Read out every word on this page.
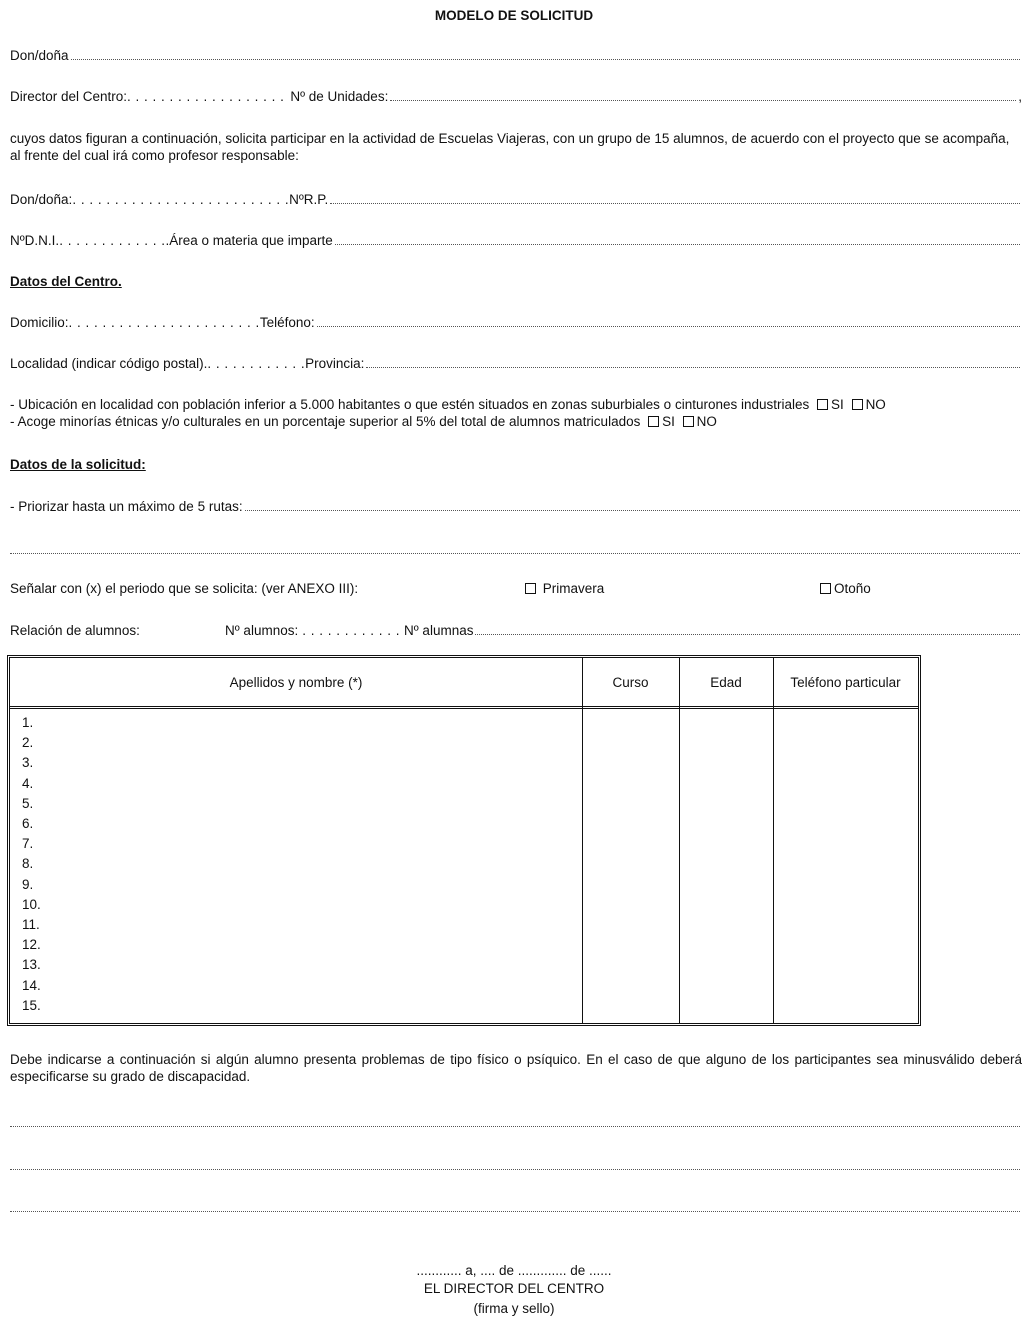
MODELO DE SOLICITUD
Don/doña
Director del Centro: . . . . . . . . . . . . . . . . . . . Nº de Unidades:	,
cuyos datos figuran a continuación, solicita participar en la actividad de Escuelas Viajeras, con un grupo de 15 alumnos, de acuerdo con el proyecto que se acompaña, al frente del cual irá como profesor responsable:
Don/doña: . . . . . . . . . . . . . . . . . . . . . . . . . . NºR.P.
NºD.N.I. . . . . . . . . . . . . . .Área o materia que imparte
Datos del Centro.
Domicilio: . . . . . . . . . . . . . . . . . . . . . . . Teléfono:
Localidad (indicar código postal). . . . . . . . . . . . . Provincia:
- Ubicación en localidad con población inferior a 5.000 habitantes o que estén situados en zonas suburbiales o cinturones industriales SI NO
- Acoge minorías étnicas y/o culturales en un porcentaje superior al 5% del total de alumnos matriculados SI NO
Datos de la solicitud:
- Priorizar hasta un máximo de 5 rutas:
Señalar con (x) el periodo que se solicita: (ver ANEXO III):	Primavera	Otoño
Relación de alumnos:	Nº alumnos: . . . . . . . . . . . . Nº alumnas
Apellidos y nombre (*)	Curso	Edad	Teléfono particular
1.
2.
3.
4.
5.
6.
7.
8.
9.
10.
11.
12.
13.
14.
15.
Debe indicarse a continuación si algún alumno presenta problemas de tipo físico o psíquico. En el caso de que alguno de los participantes sea minusválido deberá especificarse su grado de discapacidad.
............ a, .... de ............. de ......
EL DIRECTOR DEL CENTRO
(firma y sello)
